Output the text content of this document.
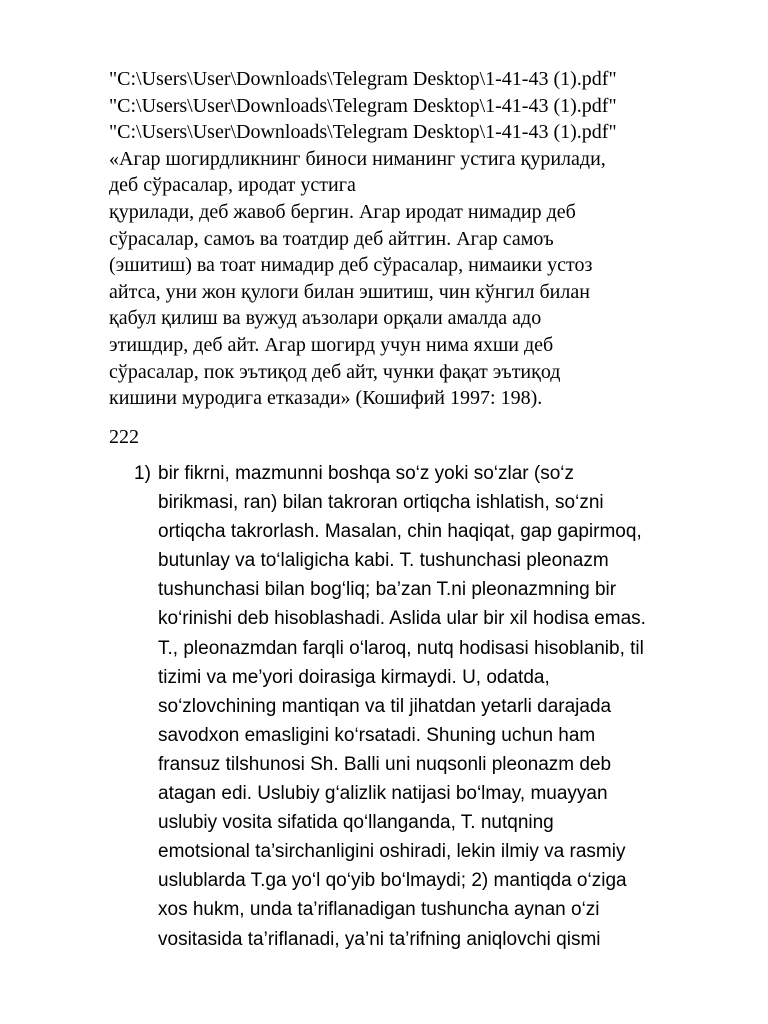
"C:\Users\User\Downloads\Telegram Desktop\1-41-43 (1).pdf"
"C:\Users\User\Downloads\Telegram Desktop\1-41-43 (1).pdf"
"C:\Users\User\Downloads\Telegram Desktop\1-41-43 (1).pdf"
«Агар шогирдликнинг биноси ниманинг устига қурилади,
деб сўрасалар, иродат устига
қурилади, деб жавоб бергин. Агар иродат нимадир деб
сўрасалар, самоъ ва тоатдир деб айтгин. Агар самоъ
(эшитиш) ва тоат нимадир деб сўрасалар, нимаики устоз
айтса, уни жон қулоги билан эшитиш, чин кўнгил билан
қабул қилиш ва вужуд аъзолари орқали амалда адо
этишдир, деб айт. Агар шогирд учун нима яхши деб
сўрасалар, пок эътиқод деб айт, чунки фақат эътиқод
кишини муродига етказади» (Кошифий 1997: 198).
222
1) bir fikrni, mazmunni boshqa so‘z yoki so‘zlar (so‘z
birikmasi, ran) bilan takroran ortiqcha ishlatish, so‘zni
ortiqcha takrorlash. Masalan, chin haqiqat, gap gapirmoq,
butunlay va to‘laligicha kabi. T. tushunchasi pleonazm
tushunchasi bilan bog‘liq; ba’zan T.ni pleonazmning bir
ko‘rinishi deb hisoblashadi. Aslida ular bir xil hodisa emas.
T., pleonazmdan farqli o‘laroq, nutq hodisasi hisoblanib, til
tizimi va me’yori doirasiga kirmaydi. U, odatda,
so‘zlovchining mantiqan va til jihatdan yetarli darajada
savodxon emasligini ko‘rsatadi. Shuning uchun ham
fransuz tilshunosi Sh. Balli uni nuqsonli pleonazm deb
atagan edi. Uslubiy g‘alizlik natijasi bo‘lmay, muayyan
uslubiy vosita sifatida qo‘llanganda, T. nutqning
emotsional ta’sirchanligini oshiradi, lekin ilmiy va rasmiy
uslublarda T.ga yo‘l qo‘yib bo‘lmaydi; 2) mantiqda o‘ziga
xos hukm, unda ta’riflanadigan tushuncha aynan o‘zi
vositasida ta’riflanadi, ya’ni ta’rifning aniqlovchi qismi
